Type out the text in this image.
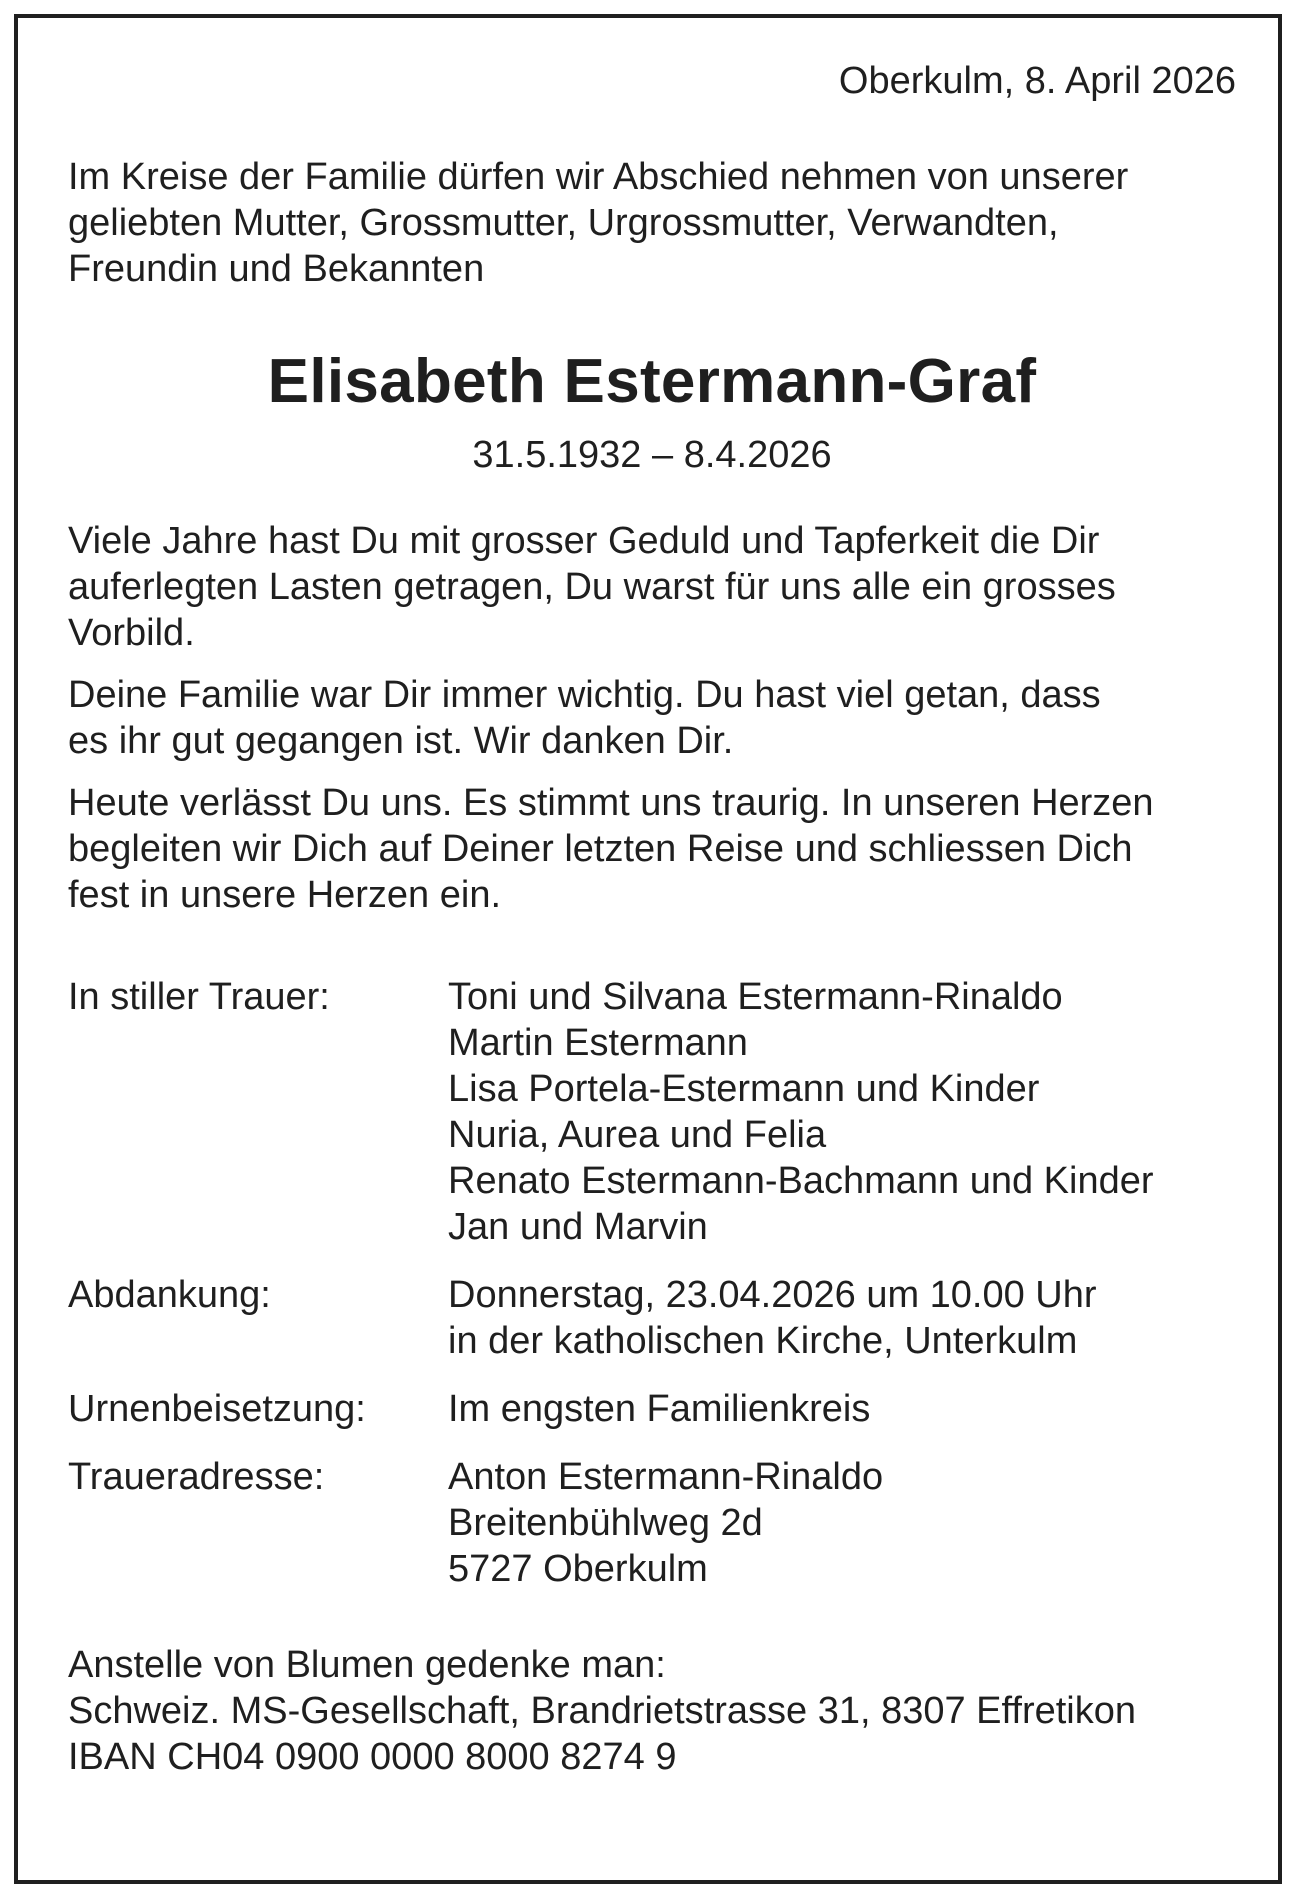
Oberkulm, 8. April 2026

Im Kreise der Familie dürfen wir Abschied nehmen von unserer
geliebten Mutter, Grossmutter, Urgrossmutter, Verwandten,
Freundin und Bekannten
Elisabeth Estermann-Graf

31.5.1932 – 8.4.2026

Viele Jahre hast Du mit grosser Geduld und Tapferkeit die Dir
auferlegten Lasten getragen, Du warst für uns alle ein grosses
Vorbild.
Deine Familie war Dir immer wichtig. Du hast viel getan, dass
es ihr gut gegangen ist. Wir danken Dir.
Heute verlässt Du uns. Es stimmt uns traurig. In unseren Herzen
begleiten wir Dich auf Deiner letzten Reise und schliessen Dich
fest in unsere Herzen ein.
In stiller Trauer:	Toni und Silvana Estermann-Rinaldo
Martin Estermann
Lisa Portela-Estermann und Kinder
Nuria, Aurea und Felia
Renato Estermann-Bachmann und Kinder
Jan und Marvin
Abdankung:	Donnerstag, 23.04.2026 um 10.00 Uhr
in der katholischen Kirche, Unterkulm
Urnenbeisetzung:	Im engsten Familienkreis
Traueradresse:	Anton Estermann-Rinaldo
Breitenbühlweg 2d
5727 Oberkulm
Anstelle von Blumen gedenke man:
Schweiz. MS-Gesellschaft, Brandrietstrasse 31, 8307 Effretikon
IBAN CH04 0900 0000 8000 8274 9
